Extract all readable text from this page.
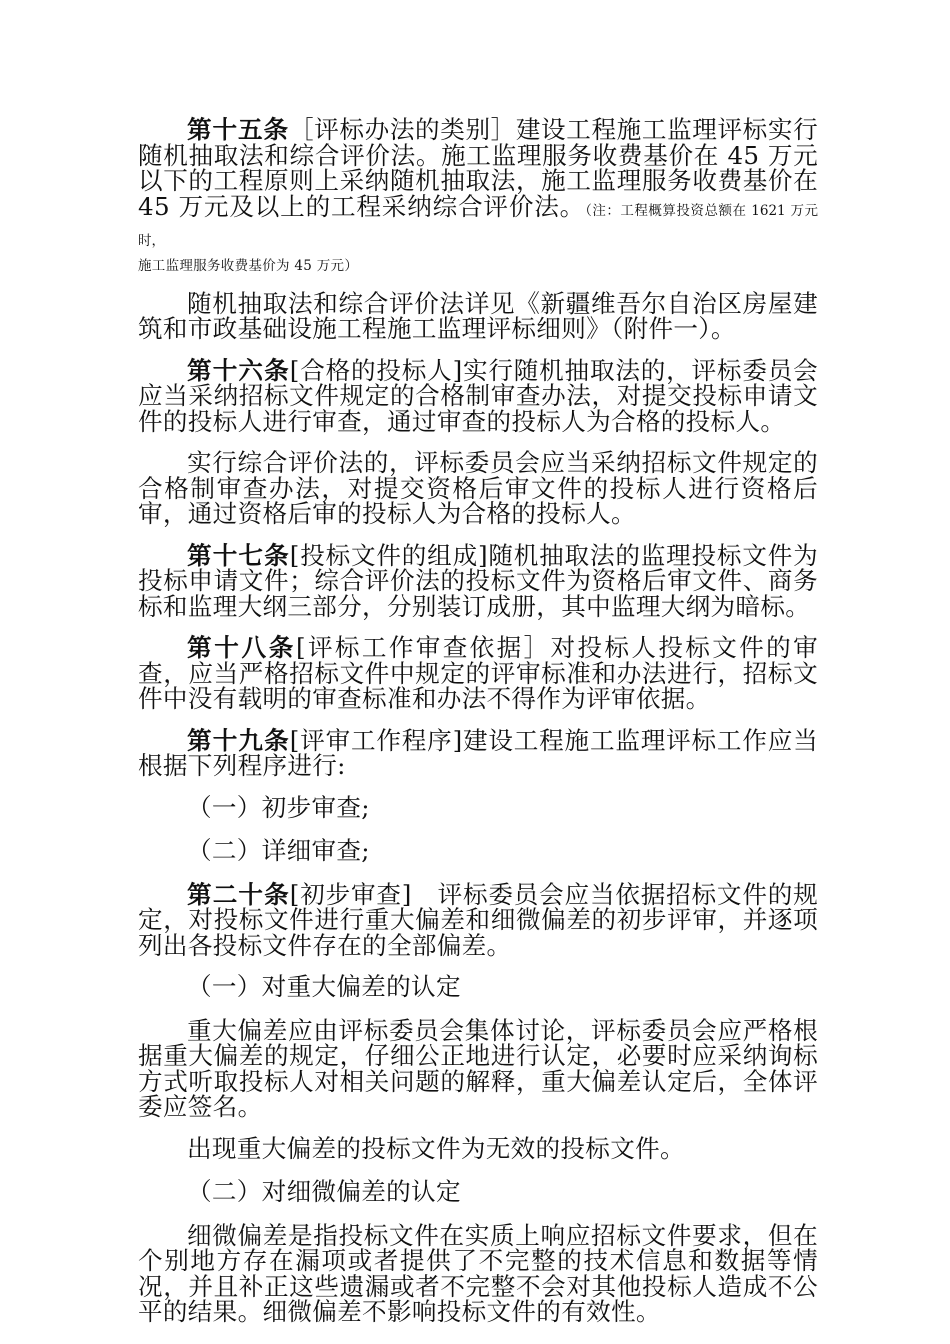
第十五条［评标办法的类别］建设工程施工监理评标实行随机抽取法和综合评价法。施工监理服务收费基价在 45 万元以下的工程原则上采纳随机抽取法，施工监理服务收费基价在 45 万元及以上的工程采纳综合评价法。（注：工程概算投资总额在 1621 万元时，
施工监理服务收费基价为 45 万元）

随机抽取法和综合评价法详见《新疆维吾尔自治区房屋建筑和市政基础设施工程施工监理评标细则》（附件一）。

第十六条[合格的投标人]实行随机抽取法的，评标委员会应当采纳招标文件规定的合格制审查办法，对提交投标申请文件的投标人进行审查，通过审查的投标人为合格的投标人。

实行综合评价法的，评标委员会应当采纳招标文件规定的合格制审查办法，对提交资格后审文件的投标人进行资格后审，通过资格后审的投标人为合格的投标人。

第十七条[投标文件的组成]随机抽取法的监理投标文件为投标申请文件；综合评价法的投标文件为资格后审文件、商务标和监理大纲三部分，分别装订成册，其中监理大纲为暗标。

第十八条[评标工作审查依据］对投标人投标文件的审查，应当严格招标文件中规定的评审标准和办法进行，招标文件中没有载明的审查标准和办法不得作为评审依据。

第十九条[评审工作程序]建设工程施工监理评标工作应当根据下列程序进行:

（一）初步审查;

（二）详细审查;

第二十条[初步审查]　评标委员会应当依据招标文件的规定，对投标文件进行重大偏差和细微偏差的初步评审，并逐项列出各投标文件存在的全部偏差。

（一）对重大偏差的认定

重大偏差应由评标委员会集体讨论，评标委员会应严格根据重大偏差的规定，仔细公正地进行认定，必要时应采纳询标方式听取投标人对相关问题的解释，重大偏差认定后，全体评委应签名。

出现重大偏差的投标文件为无效的投标文件。

（二）对细微偏差的认定

细微偏差是指投标文件在实质上响应招标文件要求，但在个别地方存在漏项或者提供了不完整的技术信息和数据等情况，并且补正这些遗漏或者不完整不会对其他投标人造成不公平的结果。细微偏差不影响投标文件的有效性。
